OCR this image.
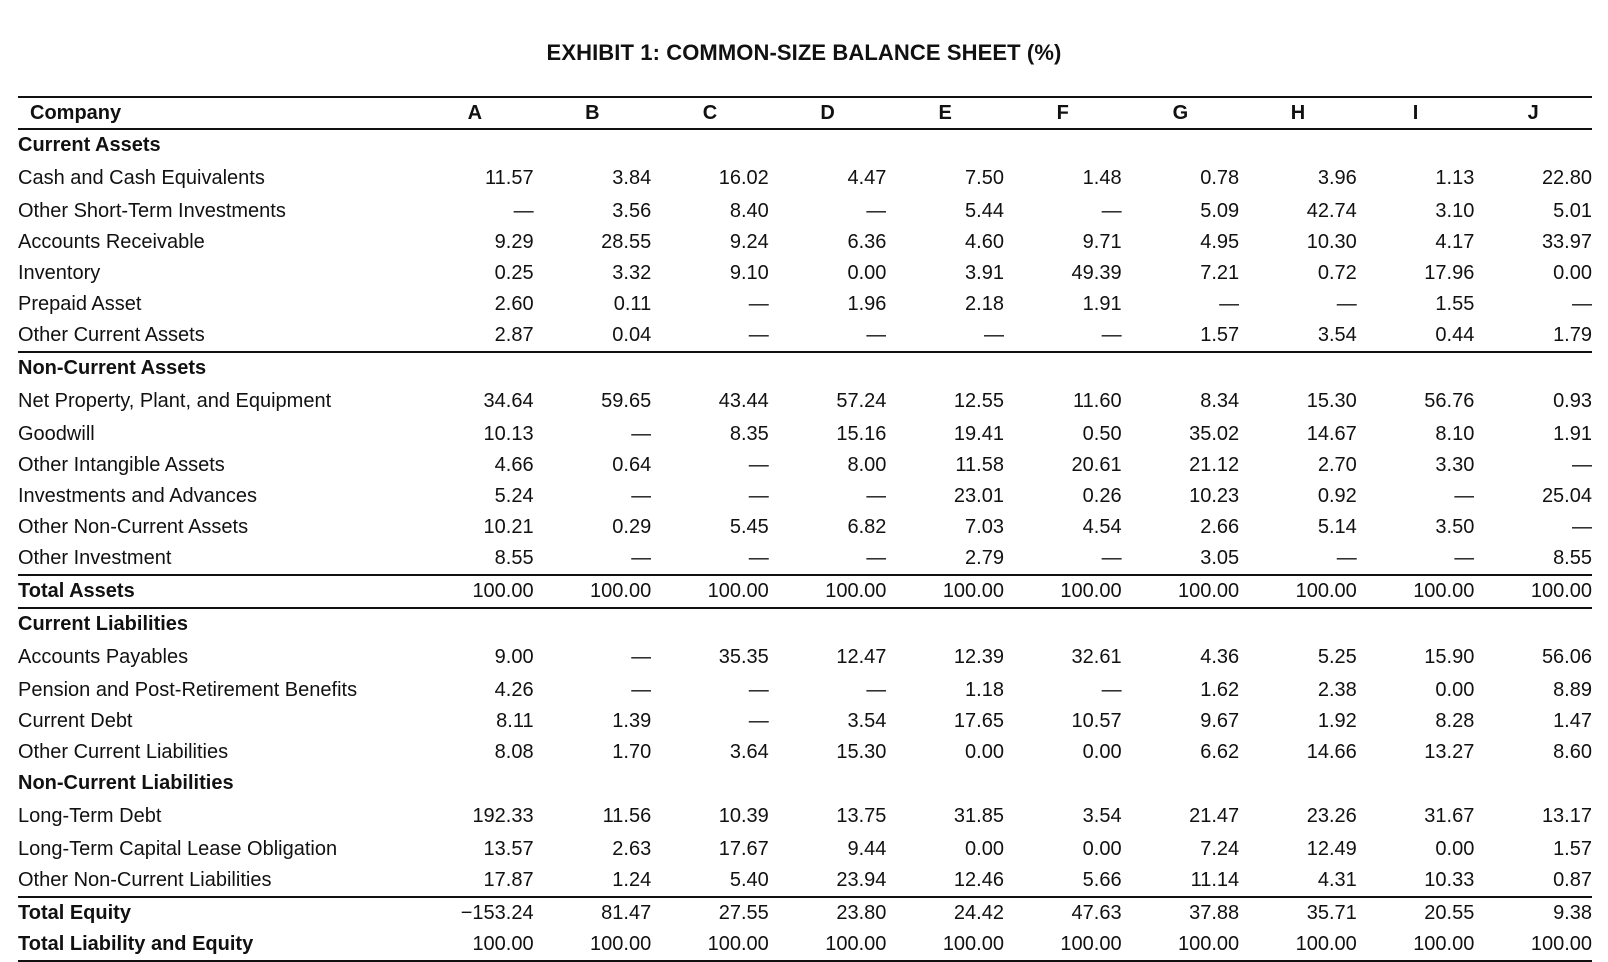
EXHIBIT 1: COMMON-SIZE BALANCE SHEET (%)
Company	A	B	C	D	E	F	G	H	I	J
Current Assets										
Cash and Cash Equivalents	11.57	3.84	16.02	4.47	7.50	1.48	0.78	3.96	1.13	22.80
Other Short-Term Investments	—	3.56	8.40	—	5.44	—	5.09	42.74	3.10	5.01
Accounts Receivable	9.29	28.55	9.24	6.36	4.60	9.71	4.95	10.30	4.17	33.97
Inventory	0.25	3.32	9.10	0.00	3.91	49.39	7.21	0.72	17.96	0.00
Prepaid Asset	2.60	0.11	—	1.96	2.18	1.91	—	—	1.55	—
Other Current Assets	2.87	0.04	—	—	—	—	1.57	3.54	0.44	1.79
Non-Current Assets										
Net Property, Plant, and Equipment	34.64	59.65	43.44	57.24	12.55	11.60	8.34	15.30	56.76	0.93
Goodwill	10.13	—	8.35	15.16	19.41	0.50	35.02	14.67	8.10	1.91
Other Intangible Assets	4.66	0.64	—	8.00	11.58	20.61	21.12	2.70	3.30	—
Investments and Advances	5.24	—	—	—	23.01	0.26	10.23	0.92	—	25.04
Other Non-Current Assets	10.21	0.29	5.45	6.82	7.03	4.54	2.66	5.14	3.50	—
Other Investment	8.55	—	—	—	2.79	—	3.05	—	—	8.55
Total Assets	100.00	100.00	100.00	100.00	100.00	100.00	100.00	100.00	100.00	100.00
Current Liabilities										
Accounts Payables	9.00	—	35.35	12.47	12.39	32.61	4.36	5.25	15.90	56.06
Pension and Post-Retirement Benefits	4.26	—	—	—	1.18	—	1.62	2.38	0.00	8.89
Current Debt	8.11	1.39	—	3.54	17.65	10.57	9.67	1.92	8.28	1.47
Other Current Liabilities	8.08	1.70	3.64	15.30	0.00	0.00	6.62	14.66	13.27	8.60
Non-Current Liabilities										
Long-Term Debt	192.33	11.56	10.39	13.75	31.85	3.54	21.47	23.26	31.67	13.17
Long-Term Capital Lease Obligation	13.57	2.63	17.67	9.44	0.00	0.00	7.24	12.49	0.00	1.57
Other Non-Current Liabilities	17.87	1.24	5.40	23.94	12.46	5.66	11.14	4.31	10.33	0.87
Total Equity	−153.24	81.47	27.55	23.80	24.42	47.63	37.88	35.71	20.55	9.38
Total Liability and Equity	100.00	100.00	100.00	100.00	100.00	100.00	100.00	100.00	100.00	100.00
